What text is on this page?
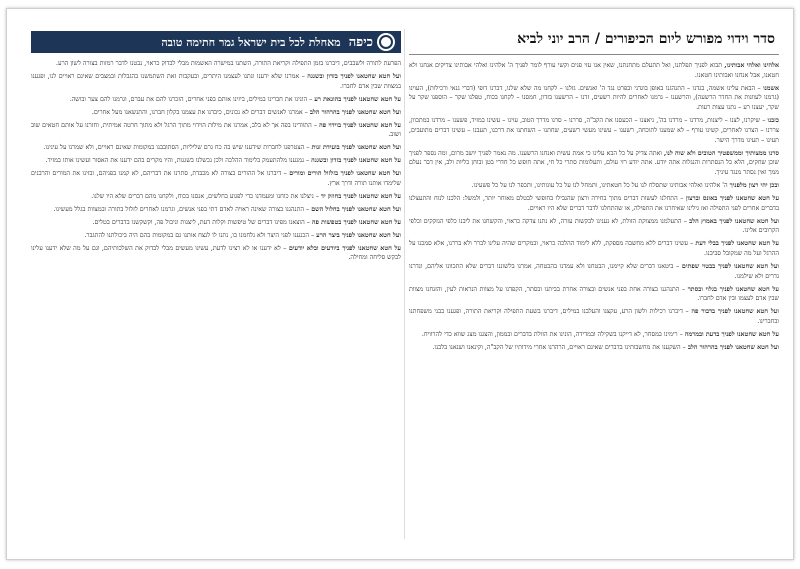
סדר וידוי מפורש ליום הכיפורים / הרב יוני לביא

אלהינו ואלהי אבותינו, תבוא לפניך תפלתנו, ואל תתעלם מתחנתנו, שאין אנו עזי פנים וקשי עורף לומר לפניך ה' אלהינו ואלהי אבותינו צדיקים אנחנו ולא חטאנו, אבל אנחנו ואבותינו חטאנו.

אשמנו – הבאת עלינו אשמה, בגדנו – התנהגנו באופן בוגדני ובפרט נגד ה' ואנשים. גזלנו – לקחנו מה שלא שלנו, דברנו דופי (דברי גנאי ורכילות), העוינו (גרמנו לעוונות את החדר הרשעה), והרשענו – גרמנו לאחרים להיות רשעים, זדנו – הרשענו בזדון, חמסנו – לקחנו בכוח, טפלנו שקר – הוספנו שקר על שקר, יעצנו רע – נתנו עצות רעות.

כזבנו – שיקרנו, לצנו – ליצנות, מרדנו – מרדנו בה', ניאצנו – הכעסנו את הקב"ה, סררנו – סרנו מדרך הטוב, עוינו – עשינו במזיד, פשענו – מרדנו במתכוון, צררנו – הצרנו לאחרים, קשינו עורף – לא שמענו לתוכחה, רשענו – עשינו מעשי רשעים, שחתנו – השחתנו את דרכנו, תעבנו – עשינו דברים מתועבים, תעינו – תעינו מדרך הישר.

סרנו ממצותיך וממשפטיך הטובים ולא שוה לנו, ואתה צדיק על כל הבא עלינו כי אמת עשית ואנחנו הרשענו. מה נאמר לפניך יושב מרום, ומה נספר לפניך שוכן שחקים, הלא כל הנסתרות והנגלות אתה יודע. אתה יודע רזי עולם, ותעלומות סתרי כל חי, אתה חופש כל חדרי בטן ובוחן כליות ולב, אין דבר נעלם ממך ואין נסתר מנגד עיניך.

ובכן יהי רצון מלפניך ה' אלהינו ואלהי אבותינו שתסלח לנו על כל חטאתינו, ותמחל לנו על כל עונותינו, ותכפר לנו על כל פשעינו.

על חטא שחטאנו לפניך באונס וברצון – התחלנו לעשות דברים מתוך בחירה ורצון שהגבילו בחופשי לבטלם מאוחר יותר, ולמשל: הלכנו לנוח והתעצלנו בדברים אחרים לפני התפילה ואז גילינו שאיחרנו את התפילה, או שהתחלנו לדבר דברים שלא היו ראויים.

ועל חטא שחטאנו לפניך באמוץ הלב – התעלמנו ממצוקת הזולת, לא נענינו לבקשות עזרה, לא נתנו צדקה כראוי, והקשחנו את ליבנו כלפי הנזקקים וכלפי הקרובים אלינו.

על חטא שחטאנו לפניך בבלי דעת – עשינו דברים ללא מחשבה מספקת, ללא לימוד ההלכה כראוי, ובמקרים שהיה עלינו לברר ולא בררנו, אלא סמכנו על ההרגל ועל מה שמקובל סביבנו.

ועל חטא שחטאנו לפניך בבטוי שפתים – ביטאנו דברים שלא קיימנו, הבטחנו ולא עמדנו בהבטחה, אמרנו בלשוננו דברים שלא התכוונו אליהם, ונדרנו נדרים ולא שילמנו.

על חטא שחטאנו לפניך בגלוי ובסתר – התנהגנו בצורה אחת בפני אנשים ובצורה אחרת בביתנו ובסתר, הקפדנו על מצוות הנראות לעין, והזנחנו מצוות שבין אדם לעצמו ובין אדם לחברו.

ועל חטא שחטאנו לפניך בדבור פה – דיברנו רכילות ולשון הרע, עקצנו והעלבנו במילים, דיברנו בשעת התפילה וקריאת התורה, ופגענו בבני משפחתנו ובחברינו.

על חטא שחטאנו לפניך בדעת ובמרמה – רימינו במסחר, לא דייקנו בשקילה ובמדידה, הונינו את הזולת בדברים ובממון, והצגנו מצג שווא כדי להרוויח.

ועל חטא שחטאנו לפניך בהרהור הלב – השקענו את מחשבותינו בדברים שאינם ראויים, הרהרנו אחרי מידותיו של הקב"ה, וקינאנו ושנאנו בלבנו.

כיפה
מאחלת לכל בית ישראל גמר חתימה טובה

הפרעת לתורה ולשבבים, דיברנו בזמן התפילה וקריאת התורה, השתנו במישרה האשמות מבלי לבדוק כראוי, נבטנו לדבר רמזות בצורה לשון הרע.

ועל חטא שחטאנו לפניך בזדון ובשגגה – אמרנו שלא ידענו ונתנו לעצמנו היתרים, ובעקבות זאת השתמשנו בהגבלות ובמצבים שאינם ראויים לנו, ופגענו במצוות שבין אדם לחברו.

על חטא שחטאנו לפניך בהונאת רע – הונינו את חברינו במילים, ביזינו אותם בפני אחרים, הזכרנו להם את עברם, וגרמנו להם צער ובושה.

ועל חטא שחטאנו לפניך בהרהור הלב – אמרנו לאנשים דברים לא נכונים, כיבדנו את עצמנו בקלון חברנו, והתנשאנו מעל אחרים.

על חטא שחטאנו לפניך בוידוי פה – התוודינו בפה אך לא בלב, אמרנו את מילות הוידוי מתוך הרגל ולא מתוך חרטה אמיתית, וחזרנו על אותם חטאים שוב ושוב.

ועל חטא שחטאנו לפניך בועידת זנות – הצטרפנו לחברות שידענו שיש בה כח גרם שליליות, הסתובבנו במקומות שאינם ראויים, ולא שמרנו על עינינו.

על חטא שחטאנו לפניך בזדון ובשגגה – נמנענו מלהתעמק בלימוד ההלכה ולכן נכשלנו בשגגות, והיו מקרים בהם ידענו את האסור ועשינו אותו במזיד.

ועל חטא שחטאנו לפניך בזלזול הורים ומורים – דיברנו אל ההורים בצורה לא מכבדת, סתרנו את דבריהם, לא קמנו בפניהם, ובזינו את המורים והרבנים שלימדו אותנו תורה ודרך ארץ.

על חטא שחטאנו לפניך בחוזק יד – ניצלנו את כוחנו ומעמדנו כדי לפגוע בחלשים, אנסנו בכוח, ולקחנו מהם דברים שלא היו שלנו.

ועל חטא שחטאנו לפניך בחלול השם – התנהגנו בצורה שאינה ראויה לאדם דתי בפני אנשים, וגרמנו לאחרים לזלזל בתורה ובמצוות בגלל מעשינו.

על חטא שחטאנו לפניך בטפשות פה – הוצאנו מפינו דברים של טיפשות וקלות דעת, ליצנות וניבול פה, וקשקשנו בדברים בטלים.

ועל חטא שחטאנו לפניך ביצר הרע – הכנענו לפני היצר ולא נלחמנו בו, נתנו לו לנצח אותנו גם במקומות בהם היה ביכולתנו להתגבר.

על חטא שחטאנו לפניך ביודעים ובלא יודעים – לא ידענו או לא רצינו לדעת, עשינו מעשים מבלי לבדוק את השלכותיהם, וגם על מה שלא ידענו עלינו לבקש סליחה ומחילה.
